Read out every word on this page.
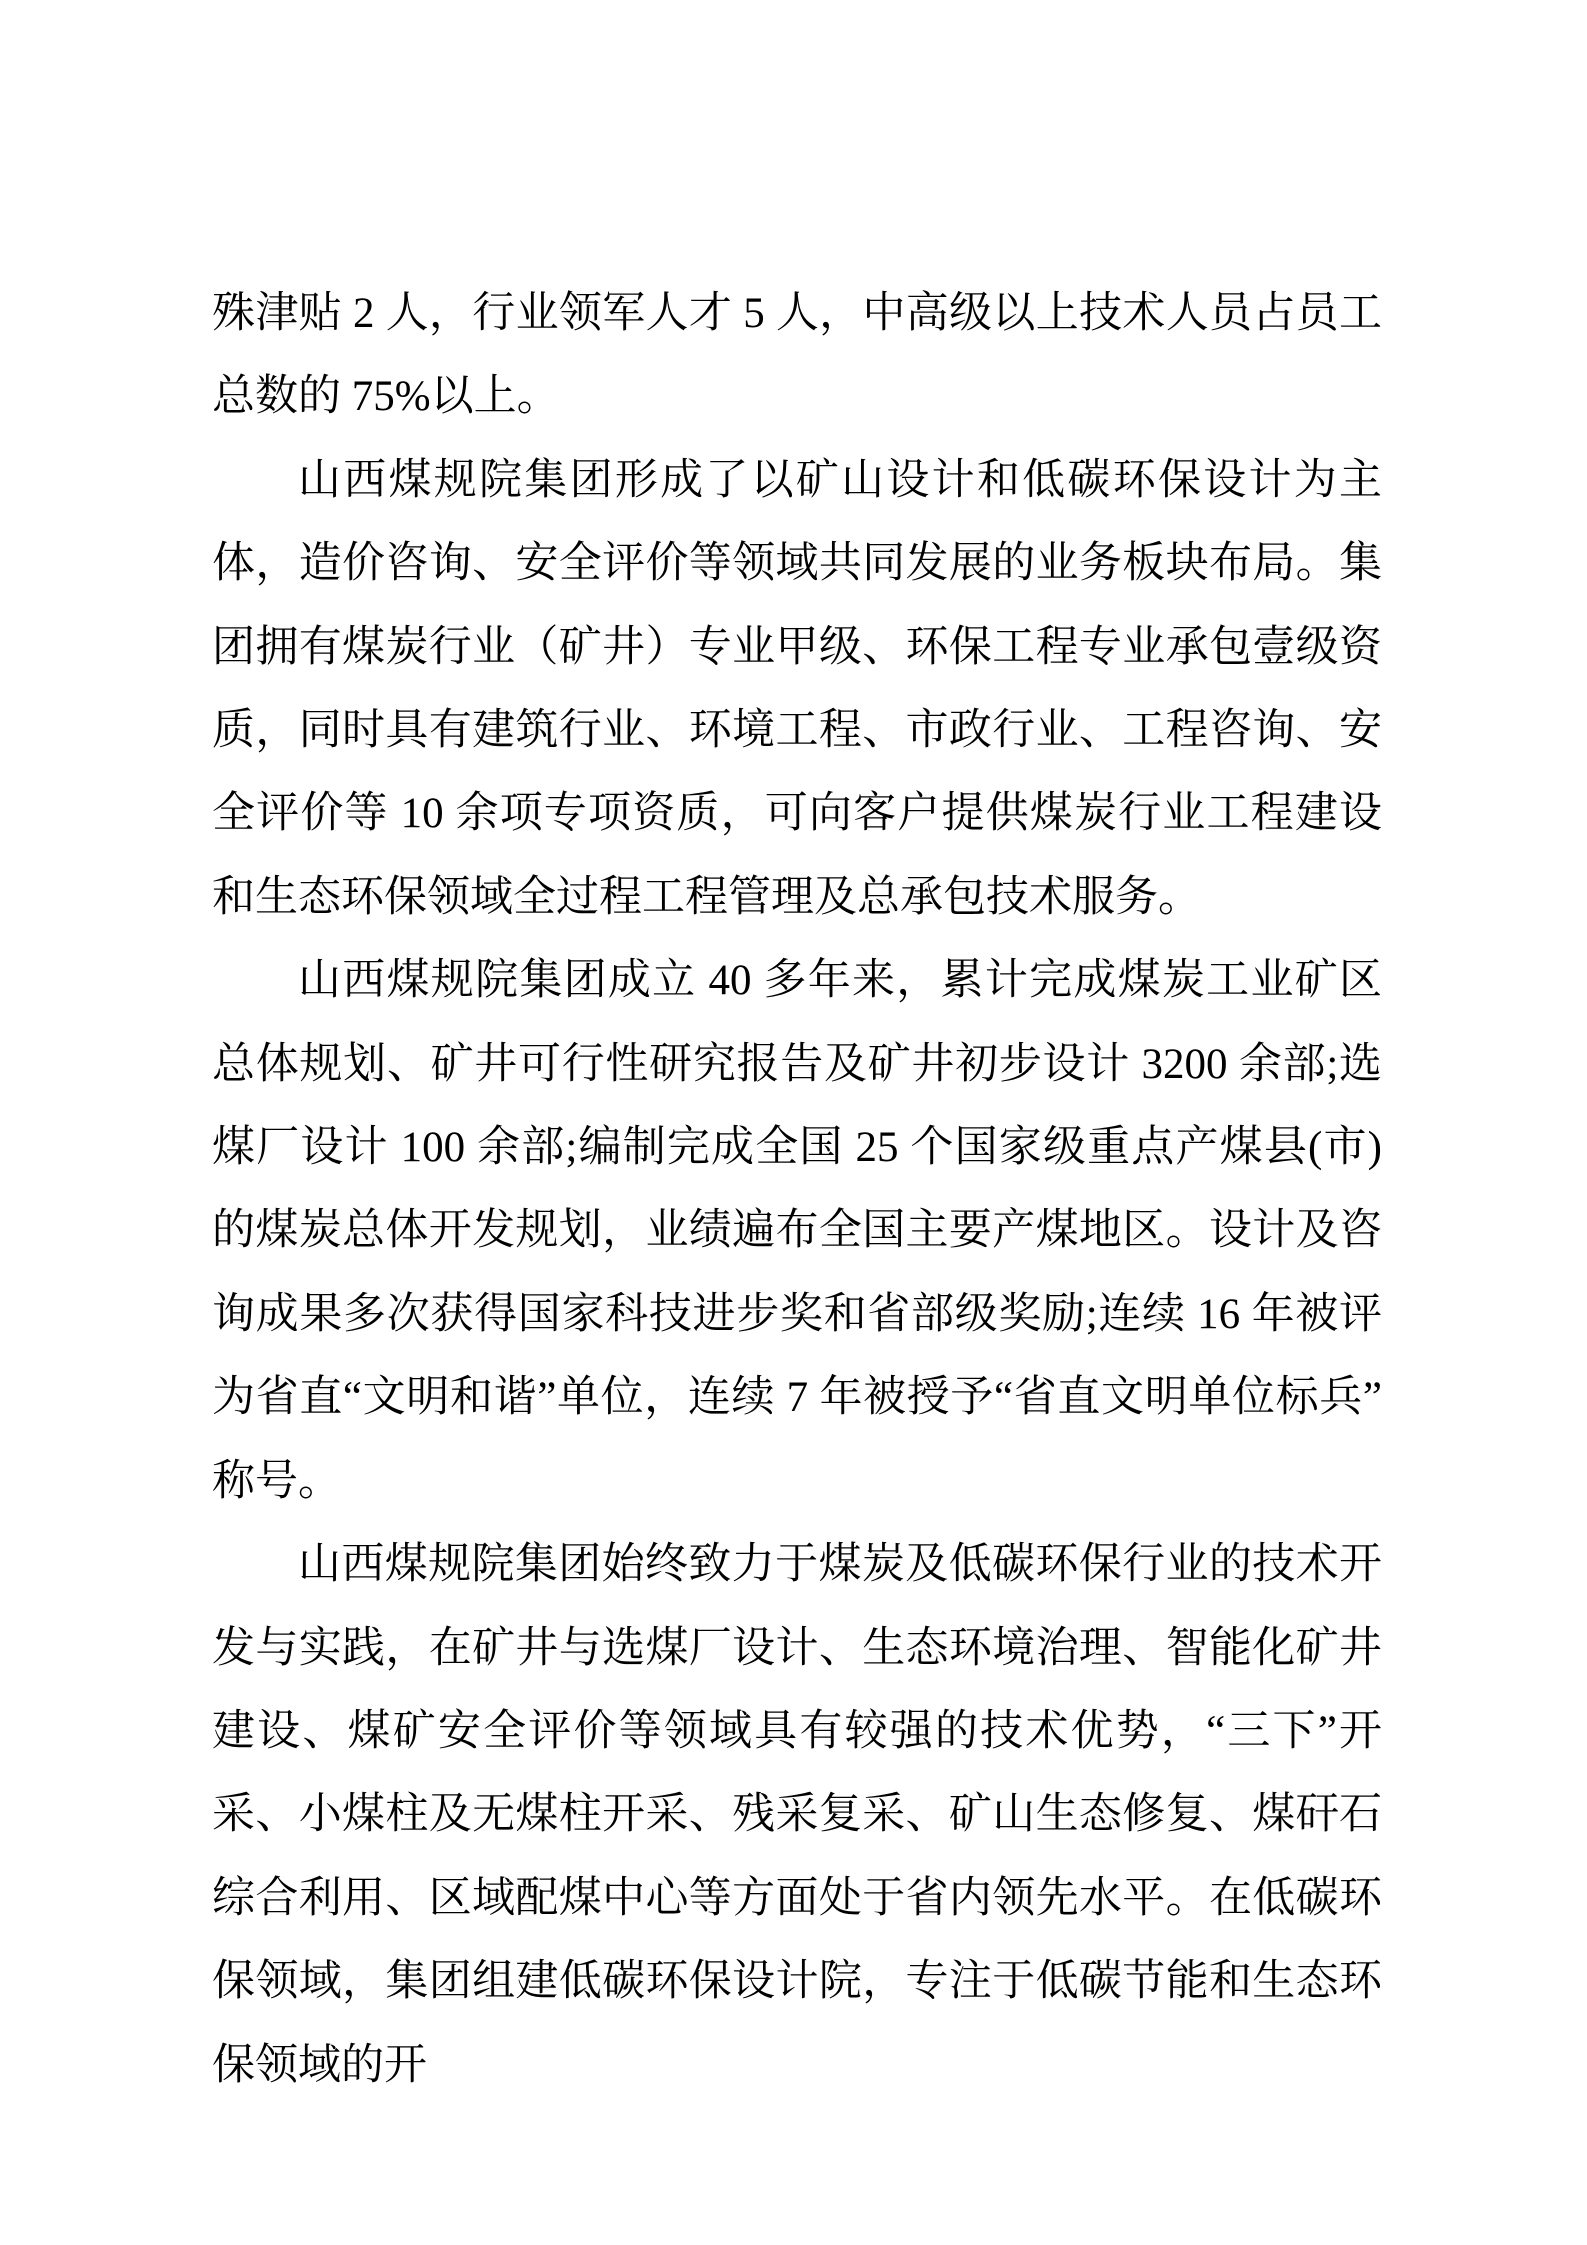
殊津贴 2 人，行业领军人才 5 人，中高级以上技术人员占员工总数的 75%以上。

山西煤规院集团形成了以矿山设计和低碳环保设计为主体，造价咨询、安全评价等领域共同发展的业务板块布局。集团拥有煤炭行业（矿井）专业甲级、环保工程专业承包壹级资质，同时具有建筑行业、环境工程、市政行业、工程咨询、安全评价等 10 余项专项资质，可向客户提供煤炭行业工程建设和生态环保领域全过程工程管理及总承包技术服务。

山西煤规院集团成立 40 多年来，累计完成煤炭工业矿区总体规划、矿井可行性研究报告及矿井初步设计 3200 余部;选煤厂设计 100 余部;编制完成全国 25 个国家级重点产煤县(市)的煤炭总体开发规划，业绩遍布全国主要产煤地区。设计及咨询成果多次获得国家科技进步奖和省部级奖励;连续 16 年被评为省直“文明和谐”单位，连续 7 年被授予“省直文明单位标兵”称号。

山西煤规院集团始终致力于煤炭及低碳环保行业的技术开发与实践，在矿井与选煤厂设计、生态环境治理、智能化矿井建设、煤矿安全评价等领域具有较强的技术优势，“三下”开采、小煤柱及无煤柱开采、残采复采、矿山生态修复、煤矸石综合利用、区域配煤中心等方面处于省内领先水平。在低碳环保领域，集团组建低碳环保设计院，专注于低碳节能和生态环保领域的开
